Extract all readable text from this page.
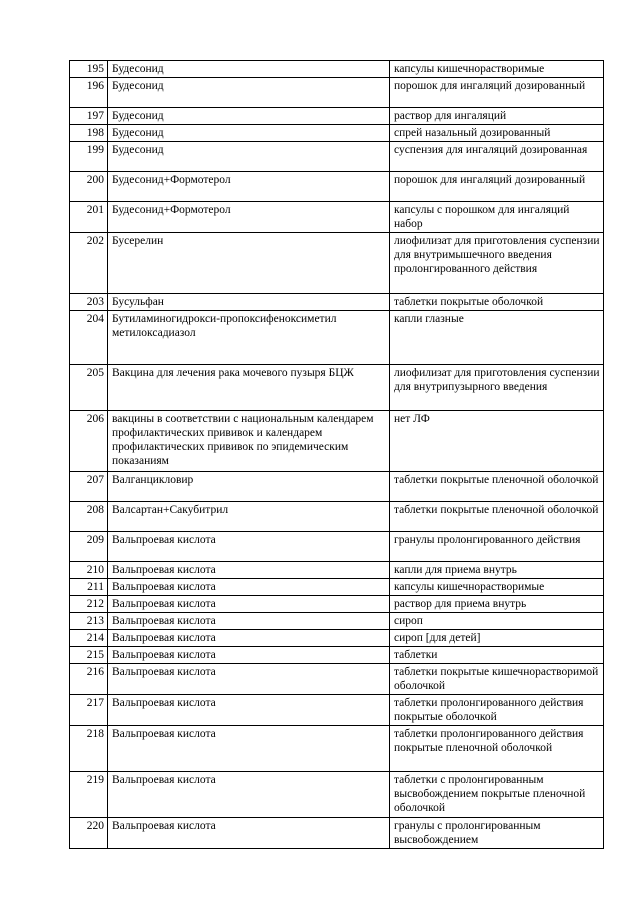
195	Будесонид	капсулы кишечнорастворимые
196	Будесонид	порошок для ингаляций дозированный
197	Будесонид	раствор для ингаляций
198	Будесонид	спрей назальный дозированный
199	Будесонид	суспензия для ингаляций дозированная
200	Будесонид+Формотерол	порошок для ингаляций дозированный
201	Будесонид+Формотерол	капсулы с порошком для ингаляций набор
202	Бусерелин	лиофилизат для приготовления суспензии для внутримышечного введения пролонгированного действия
203	Бусульфан	таблетки покрытые оболочкой
204	Бутиламиногидрокси-пропоксифеноксиметил метилоксадиазол	капли глазные
205	Вакцина для лечения рака мочевого пузыря БЦЖ	лиофилизат для приготовления суспензии для внутрипузырного введения
206	вакцины в соответствии с национальным календарем профилактических прививок и календарем профилактических прививок по эпидемическим показаниям	нет ЛФ
207	Валганцикловир	таблетки покрытые пленочной оболочкой
208	Валсартан+Сакубитрил	таблетки покрытые пленочной оболочкой
209	Вальпроевая кислота	гранулы пролонгированного действия
210	Вальпроевая кислота	капли для приема внутрь
211	Вальпроевая кислота	капсулы кишечнорастворимые
212	Вальпроевая кислота	раствор для приема внутрь
213	Вальпроевая кислота	сироп
214	Вальпроевая кислота	сироп [для детей]
215	Вальпроевая кислота	таблетки
216	Вальпроевая кислота	таблетки покрытые кишечнорастворимой оболочкой
217	Вальпроевая кислота	таблетки пролонгированного действия покрытые оболочкой
218	Вальпроевая кислота	таблетки пролонгированного действия покрытые пленочной оболочкой
219	Вальпроевая кислота	таблетки с пролонгированным высвобождением покрытые пленочной оболочкой
220	Вальпроевая кислота	гранулы с пролонгированным высвобождением
